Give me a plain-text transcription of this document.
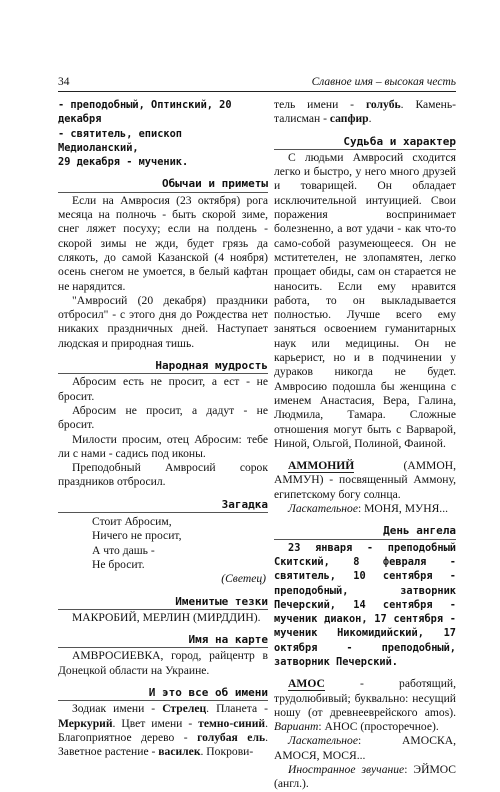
34	Славное имя – высокая честь
- преподобный, Оптинский, 20 декабря
- святитель, епископ Медиоланский,
29 декабря - мученик.
Обычаи и приметы

Если на Амвросия (23 октября) рога месяца на полночь - быть скорой зиме, снег ляжет посуху; если на полдень - скорой зимы не жди, будет грязь да слякоть, до самой Казанской (4 ноября) осень снегом не умоется, в белый кафтан не нарядится.

"Амвросий (20 декабря) праздники отбросил" - с этого дня до Рождества нет никаких праздничных дней. Наступает людская и природная тишь.

Народная мудрость

Абросим есть не просит, а ест - не бросит.

Абросим не просит, а дадут - не бросит.

Милости просим, отец Абросим: тебе ли с нами - садись под иконы.

Преподобный Амвросий сорок праздников отбросил.

Загадка
Стоит Абросим,
Ничего не просит,
А что дашь -
Не бросит.
(Светец)
Именитые тезки

МАКРОБИЙ, МЕРЛИН (МИРДДИН).

Имя на карте

АМВРОСИЕВКА, город, райцентр в Донецкой области на Украине.

И это все об имени

Зодиак имени - Стрелец. Планета - Меркурий. Цвет имени - темно-синий. Благоприятное дерево - голубая ель. Заветное растение - василек. Покрови-

тель имени - голубь. Камень-талисман - сапфир.

Судьба и характер

С людьми Амвросий сходится легко и быстро, у него много друзей и товарищей. Он обладает исключительной интуицией. Свои поражения воспринимает болезненно, а вот удачи - как что-то само-собой разумеющееся. Он не мститетелен, не злопамятен, легко прощает обиды, сам он старается не наносить. Если ему нравится работа, то он выкладывается полностью. Лучше всего ему заняться освоением гуманитарных наук или медицины. Он не карьерист, но и в подчинении у дураков никогда не будет. Амвросию подошла бы женщина с именем Анастасия, Вера, Галина, Людмила, Тамара. Сложные отношения могут быть с Варварой, Ниной, Ольгой, Полиной, Фаиной.

АММОНИЙ (АММОН, АММУН) - посвященный Аммону, египетскому богу солнца.

Ласкательное: МОНЯ, МУНЯ...

День ангела

23 января - преподобный Скитский, 8 февраля - святитель, 10 сентября - преподобный, затворник Печерский, 14 сентября - мученик диакон, 17 сентября - мученик Никомидийский, 17 октября - преподобный, затворник Печерский.

АМОС - работящий, трудолюбивый; буквально: несущий ношу (от древнееврейского amos). Вариант: АНОС (просторечное).

Ласкательное: АМОСКА, АМОСЯ, МОСЯ...

Иностранное звучание: ЭЙМОС (англ.).
